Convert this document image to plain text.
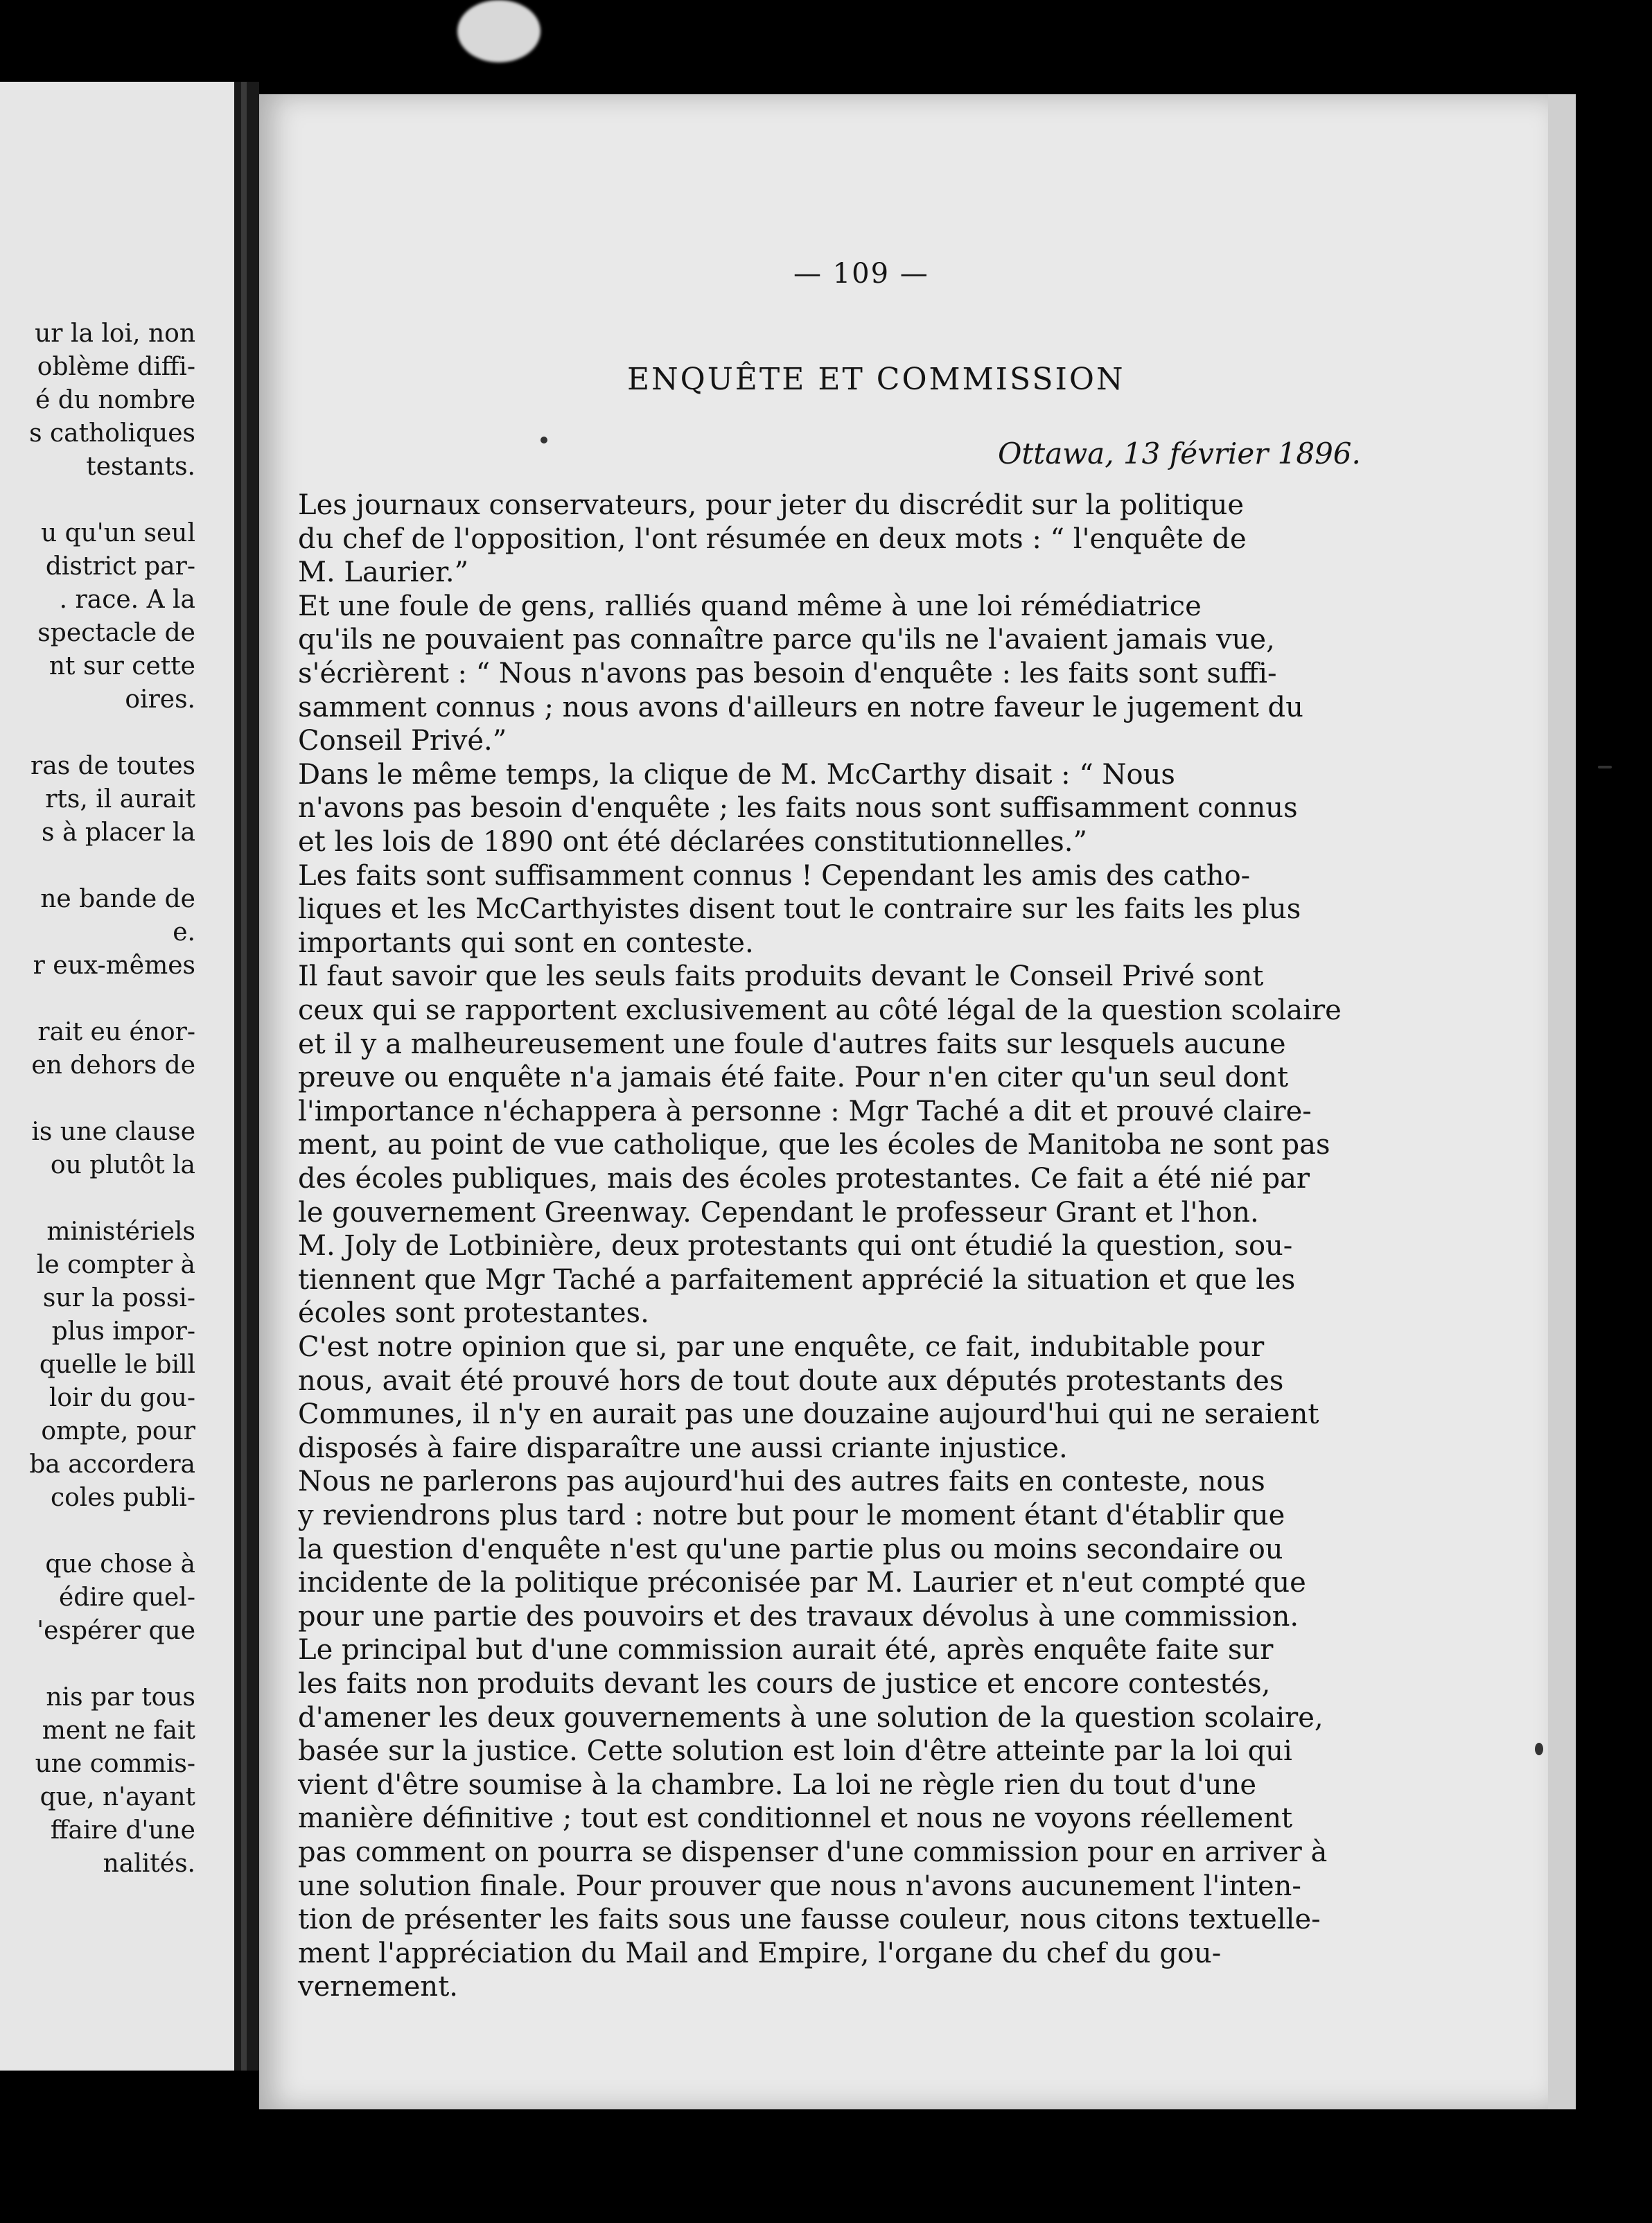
ur la loi, non
oblème diffi-
é du nombre
s catholiques
testants.
u qu'un seul
district par-
. race. A la
spectacle de
nt sur cette
oires.
ras de toutes
rts, il aurait
s à placer la
ne bande de
e.
r eux-mêmes
rait eu énor-
en dehors de
is une clause
ou plutôt la
ministériels
le compter à
sur la possi-
plus impor-
quelle le bill
loir du gou-
ompte, pour
ba accordera
coles publi-
que chose à
édire quel-
'espérer que
nis par tous
ment ne fait
une commis-
que, n'ayant
ffaire d'une
nalités.
— 109 —
ENQUÊTE ET COMMISSION
Ottawa, 13 février 1896.
Les journaux conservateurs, pour jeter du discrédit sur la politique
du chef de l'opposition, l'ont résumée en deux mots : “ l'enquête de
M. Laurier.”
Et une foule de gens, ralliés quand même à une loi rémédiatrice
qu'ils ne pouvaient pas connaître parce qu'ils ne l'avaient jamais vue,
s'écrièrent : “ Nous n'avons pas besoin d'enquête : les faits sont suffi-
samment connus ; nous avons d'ailleurs en notre faveur le jugement du
Conseil Privé.”
Dans le même temps, la clique de M. McCarthy disait : “ Nous
n'avons pas besoin d'enquête ; les faits nous sont suffisamment connus
et les lois de 1890 ont été déclarées constitutionnelles.”
Les faits sont suffisamment connus ! Cependant les amis des catho-
liques et les McCarthyistes disent tout le contraire sur les faits les plus
importants qui sont en conteste.
Il faut savoir que les seuls faits produits devant le Conseil Privé sont
ceux qui se rapportent exclusivement au côté légal de la question scolaire
et il y a malheureusement une foule d'autres faits sur lesquels aucune
preuve ou enquête n'a jamais été faite. Pour n'en citer qu'un seul dont
l'importance n'échappera à personne : Mgr Taché a dit et prouvé claire-
ment, au point de vue catholique, que les écoles de Manitoba ne sont pas
des écoles publiques, mais des écoles protestantes. Ce fait a été nié par
le gouvernement Greenway. Cependant le professeur Grant et l'hon.
M. Joly de Lotbinière, deux protestants qui ont étudié la question, sou-
tiennent que Mgr Taché a parfaitement apprécié la situation et que les
écoles sont protestantes.
C'est notre opinion que si, par une enquête, ce fait, indubitable pour
nous, avait été prouvé hors de tout doute aux députés protestants des
Communes, il n'y en aurait pas une douzaine aujourd'hui qui ne seraient
disposés à faire disparaître une aussi criante injustice.
Nous ne parlerons pas aujourd'hui des autres faits en conteste, nous
y reviendrons plus tard : notre but pour le moment étant d'établir que
la question d'enquête n'est qu'une partie plus ou moins secondaire ou
incidente de la politique préconisée par M. Laurier et n'eut compté que
pour une partie des pouvoirs et des travaux dévolus à une commission.
Le principal but d'une commission aurait été, après enquête faite sur
les faits non produits devant les cours de justice et encore contestés,
d'amener les deux gouvernements à une solution de la question scolaire,
basée sur la justice. Cette solution est loin d'être atteinte par la loi qui
vient d'être soumise à la chambre. La loi ne règle rien du tout d'une
manière définitive ; tout est conditionnel et nous ne voyons réellement
pas comment on pourra se dispenser d'une commission pour en arriver à
une solution finale. Pour prouver que nous n'avons aucunement l'inten-
tion de présenter les faits sous une fausse couleur, nous citons textuelle-
ment l'appréciation du Mail and Empire, l'organe du chef du gou-
vernement.
